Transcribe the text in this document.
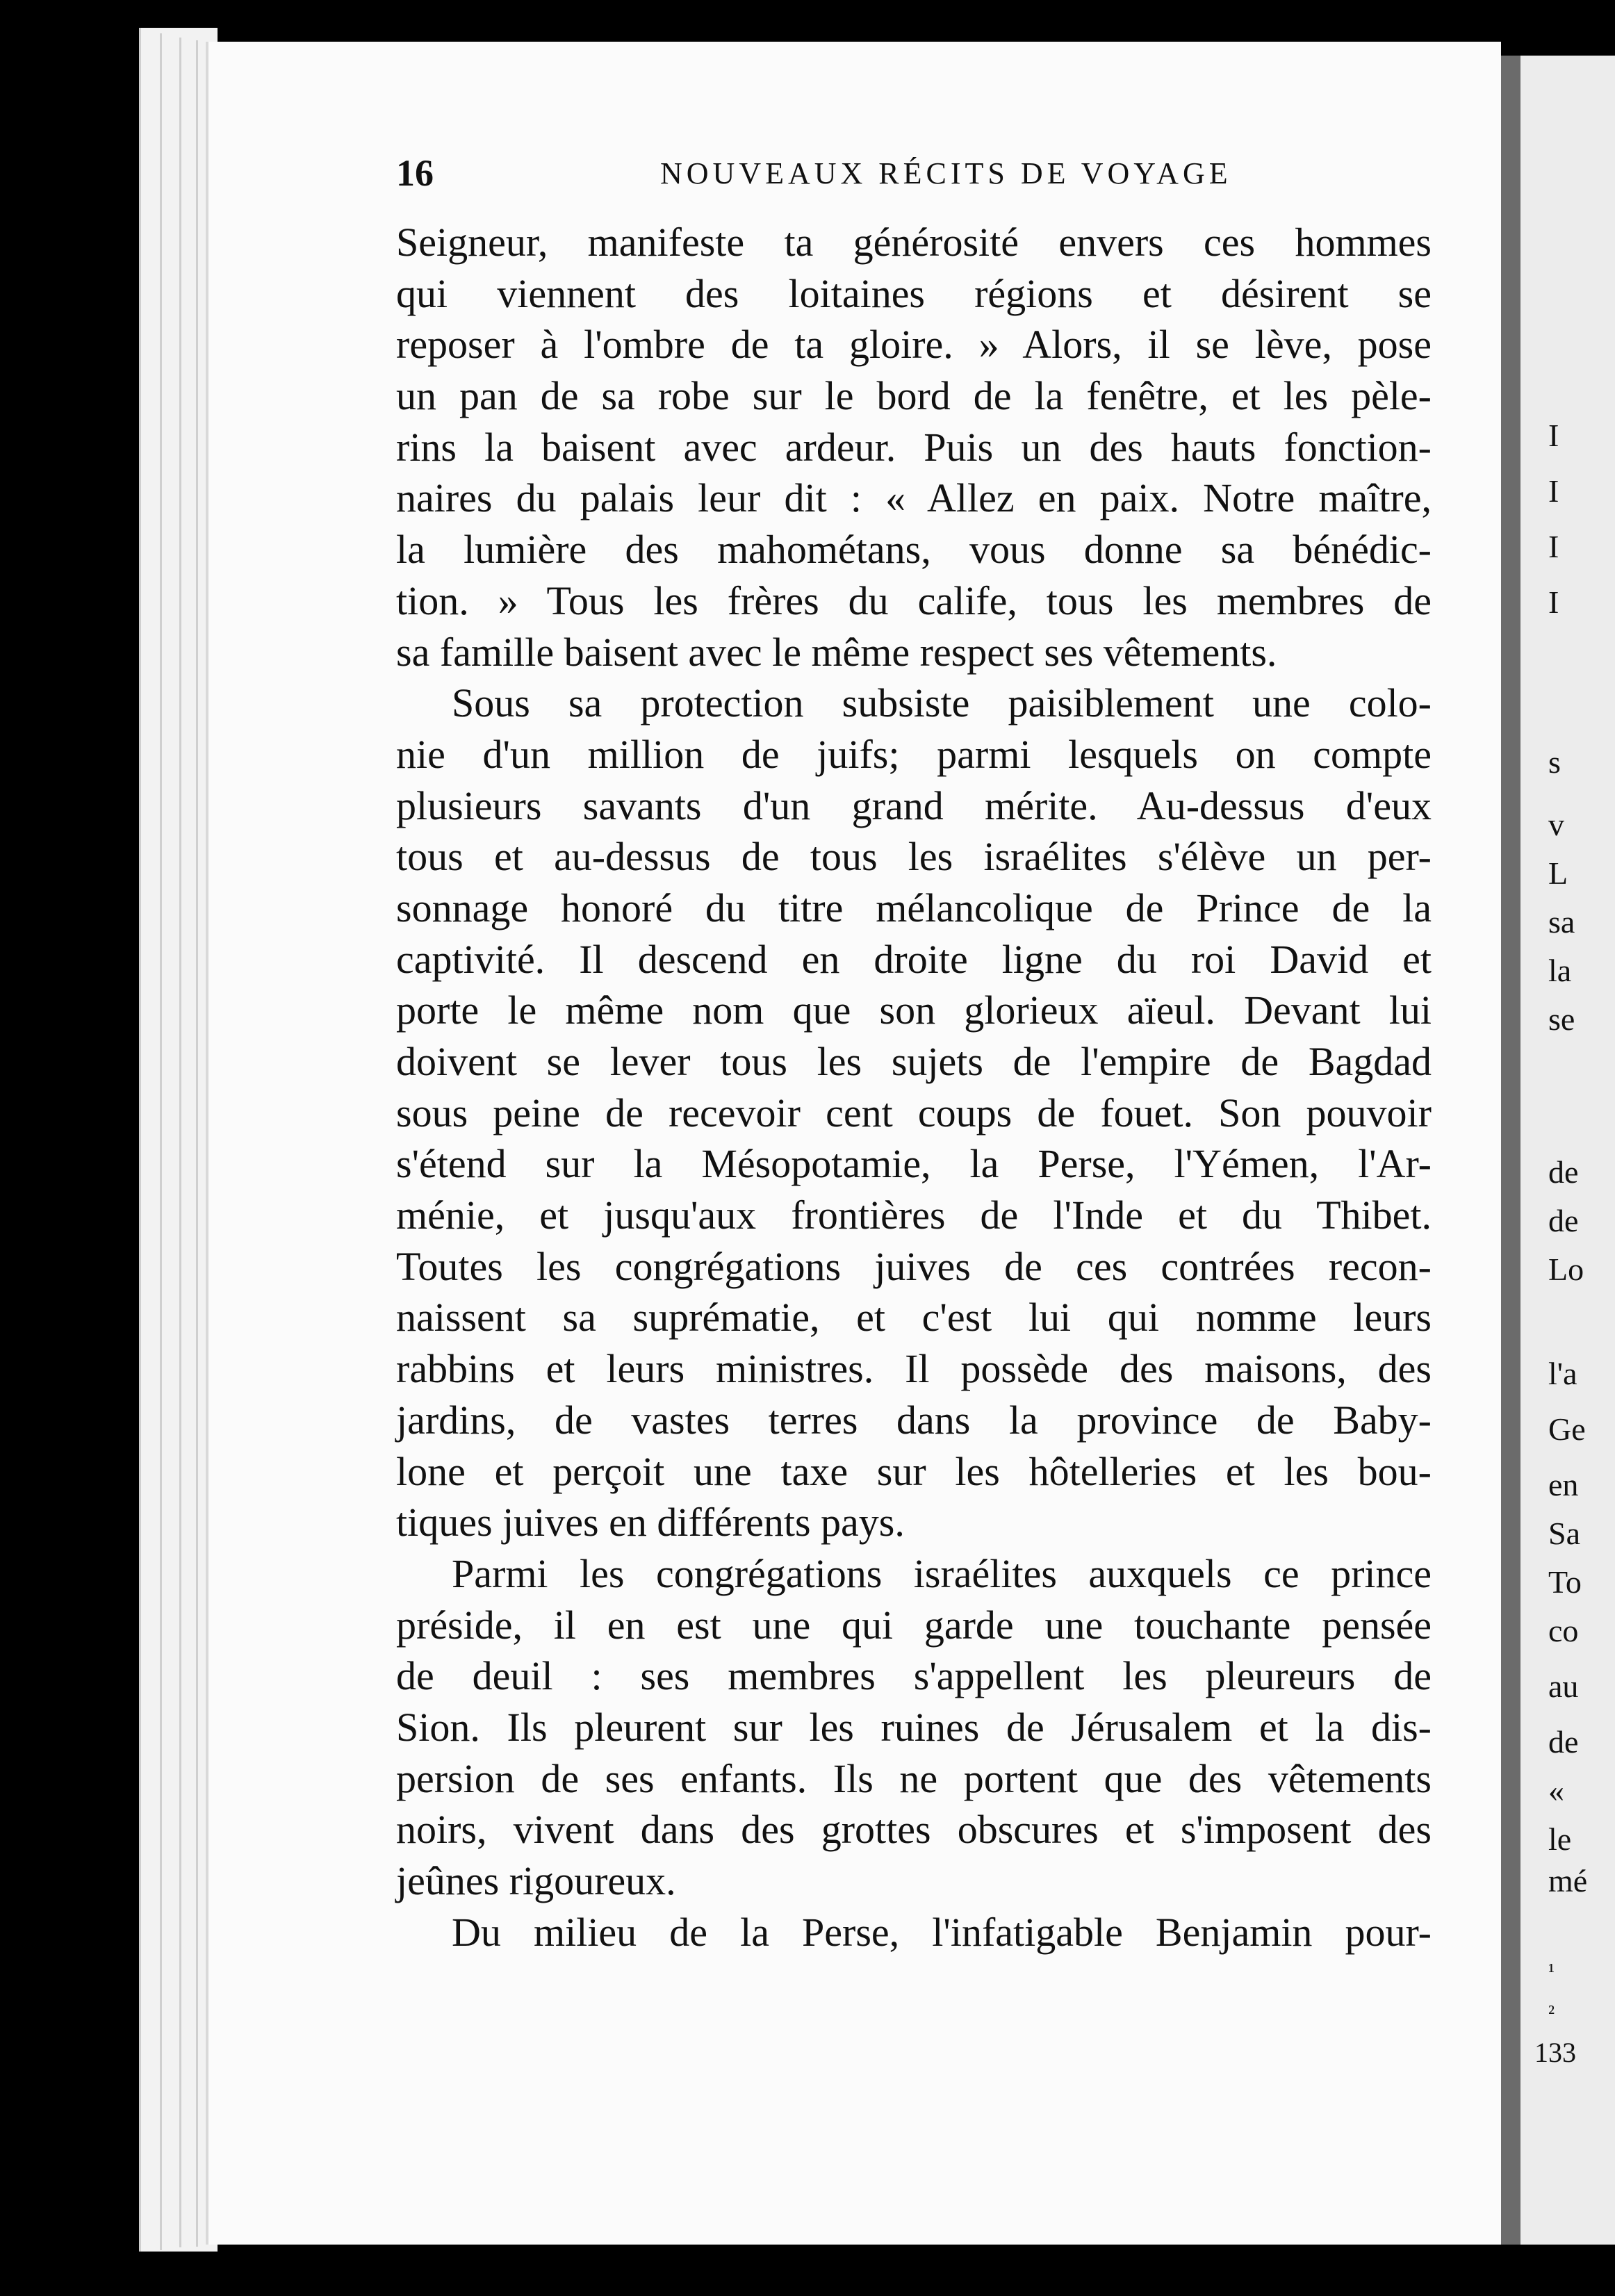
I
I
I
I
s
v
L
sa
la
se
de
de
Lo
l'a
Ge
en
Sa
To
co
au
de
«
le
mé
¹
²
133
16	NOUVEAUX RÉCITS DE VOYAGE
Seigneur, manifeste ta générosité envers ces hommes
qui viennent des loitaines régions et désirent se
reposer à l'ombre de ta gloire. » Alors, il se lève, pose
un pan de sa robe sur le bord de la fenêtre, et les pèle-
rins la baisent avec ardeur. Puis un des hauts fonction-
naires du palais leur dit : « Allez en paix. Notre maître,
la lumière des mahométans, vous donne sa bénédic-
tion. » Tous les frères du calife, tous les membres de
sa famille baisent avec le même respect ses vêtements.
Sous sa protection subsiste paisiblement une colo-
nie d'un million de juifs; parmi lesquels on compte
plusieurs savants d'un grand mérite. Au-dessus d'eux
tous et au-dessus de tous les israélites s'élève un per-
sonnage honoré du titre mélancolique de Prince de la
captivité. Il descend en droite ligne du roi David et
porte le même nom que son glorieux aïeul. Devant lui
doivent se lever tous les sujets de l'empire de Bagdad
sous peine de recevoir cent coups de fouet. Son pouvoir
s'étend sur la Mésopotamie, la Perse, l'Yémen, l'Ar-
ménie, et jusqu'aux frontières de l'Inde et du Thibet.
Toutes les congrégations juives de ces contrées recon-
naissent sa suprématie, et c'est lui qui nomme leurs
rabbins et leurs ministres. Il possède des maisons, des
jardins, de vastes terres dans la province de Baby-
lone et perçoit une taxe sur les hôtelleries et les bou-
tiques juives en différents pays.
Parmi les congrégations israélites auxquels ce prince
préside, il en est une qui garde une touchante pensée
de deuil : ses membres s'appellent les pleureurs de
Sion. Ils pleurent sur les ruines de Jérusalem et la dis-
persion de ses enfants. Ils ne portent que des vêtements
noirs, vivent dans des grottes obscures et s'imposent des
jeûnes rigoureux.
Du milieu de la Perse, l'infatigable Benjamin pour-
